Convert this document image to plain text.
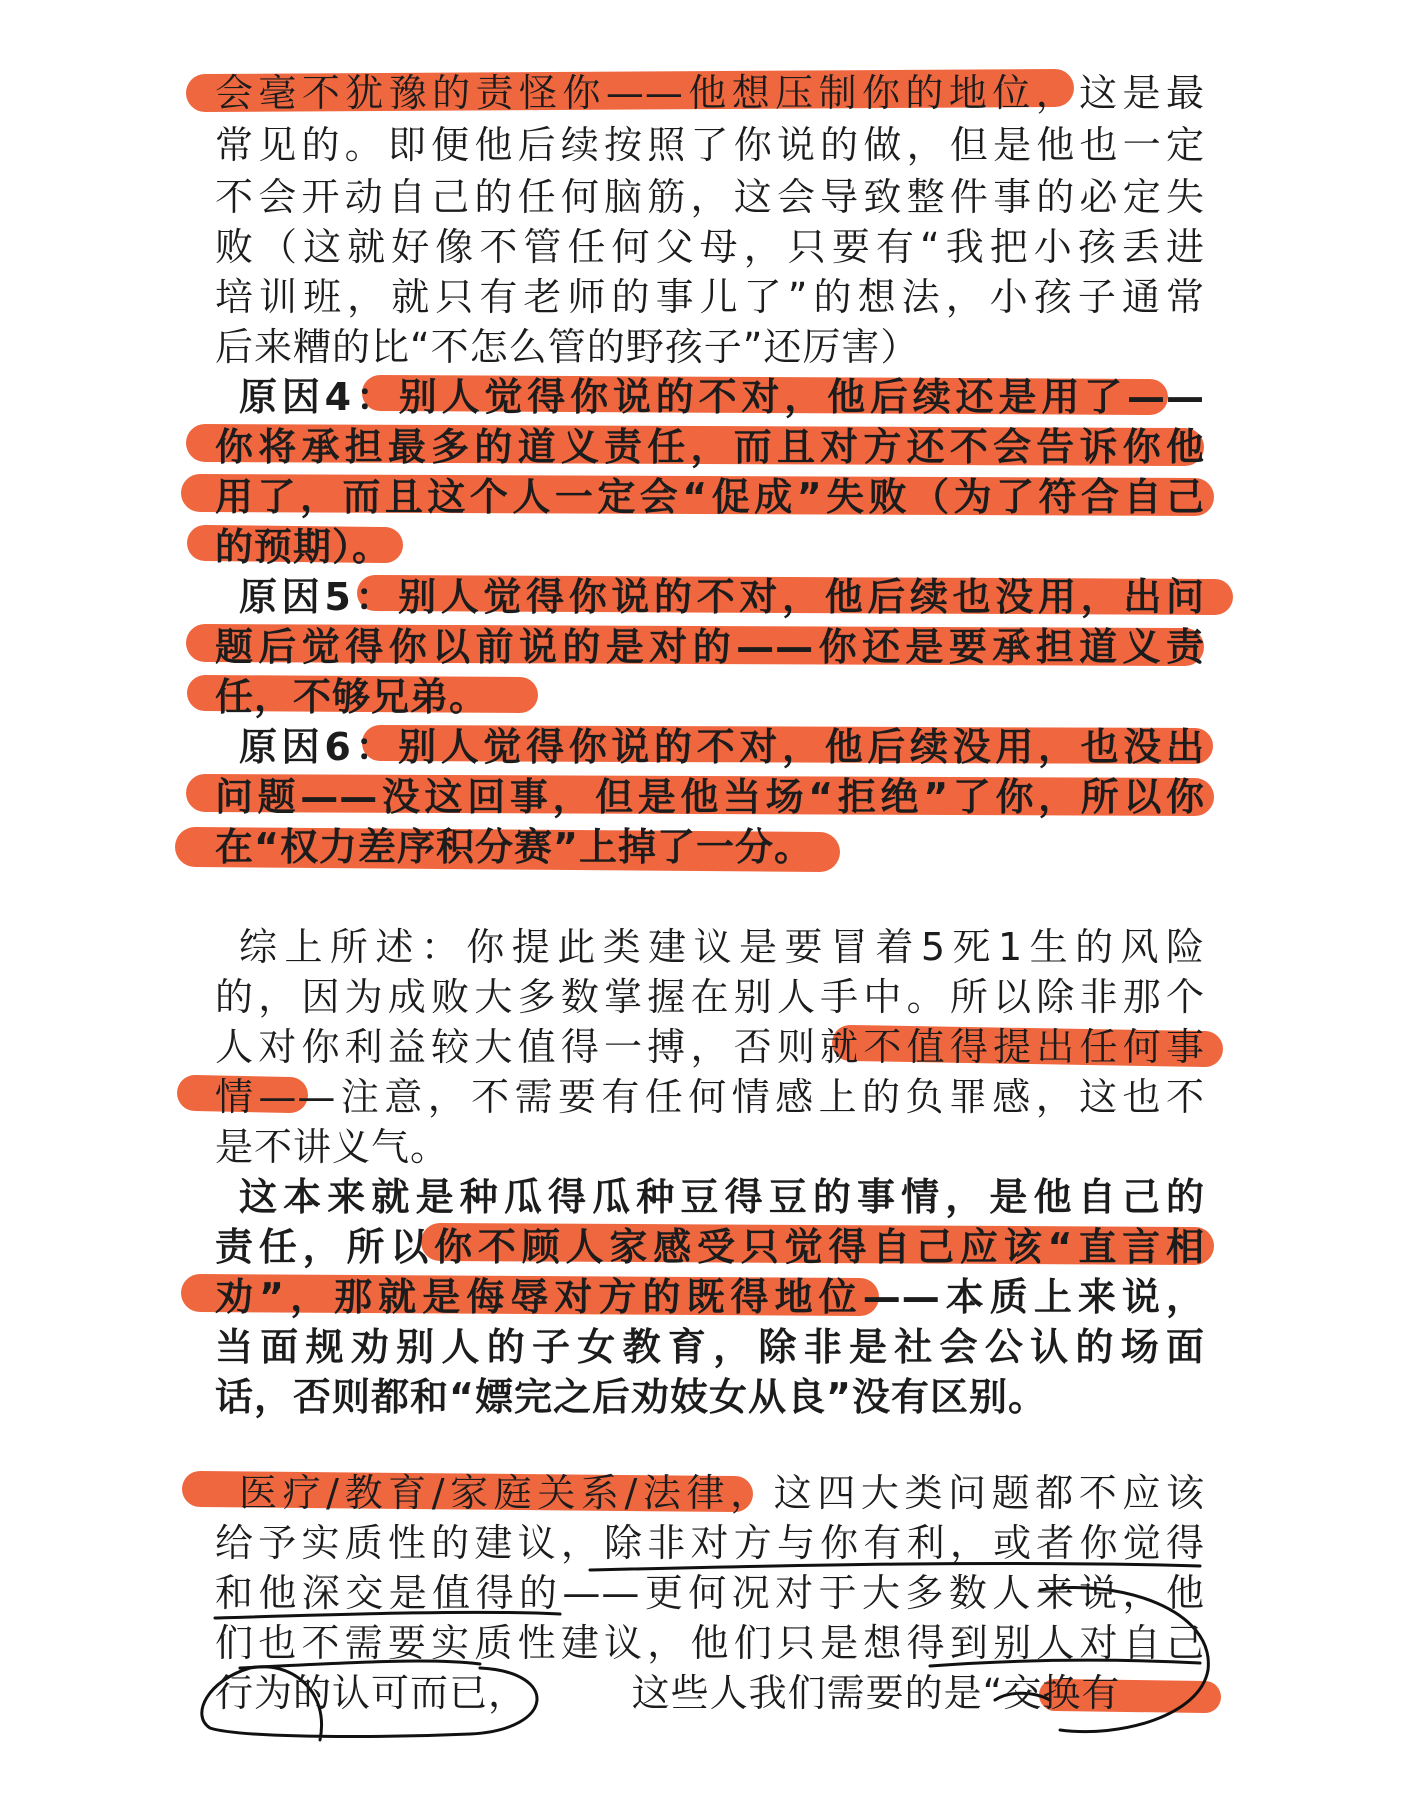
会毫不犹豫的责怪你——他想压制你的地位，这是最
常见的。即便他后续按照了你说的做，但是他也一定
不会开动自己的任何脑筋，这会导致整件事的必定失
败（这就好像不管任何父母，只要有“我把小孩丢进
培训班，就只有老师的事儿了”的想法，小孩子通常
后来糟的比“不怎么管的野孩子”还厉害）
原因4：别人觉得你说的不对，他后续还是用了——
你将承担最多的道义责任，而且对方还不会告诉你他
用了，而且这个人一定会“促成”失败（为了符合自己
的预期）。
原因5：别人觉得你说的不对，他后续也没用，出问
题后觉得你以前说的是对的——你还是要承担道义责
任，不够兄弟。
原因6：别人觉得你说的不对，他后续没用，也没出
问题——没这回事，但是他当场“拒绝”了你，所以你
在“权力差序积分赛”上掉了一分。
综上所述：你提此类建议是要冒着5死1生的风险
的，因为成败大多数掌握在别人手中。所以除非那个
人对你利益较大值得一搏，否则就不值得提出任何事
情——注意，不需要有任何情感上的负罪感，这也不
是不讲义气。
这本来就是种瓜得瓜种豆得豆的事情，是他自己的
责任，所以你不顾人家感受只觉得自己应该“直言相
劝”，那就是侮辱对方的既得地位——本质上来说，
当面规劝别人的子女教育，除非是社会公认的场面
话，否则都和“嫖完之后劝妓女从良”没有区别。
医疗/教育/家庭关系/法律，这四大类问题都不应该
给予实质性的建议，除非对方与你有利，或者你觉得
和他深交是值得的——更何况对于大多数人来说，他
们也不需要实质性建议，他们只是想得到别人对自己
行为的认可而已，        这些人我们需要的是“交换有
